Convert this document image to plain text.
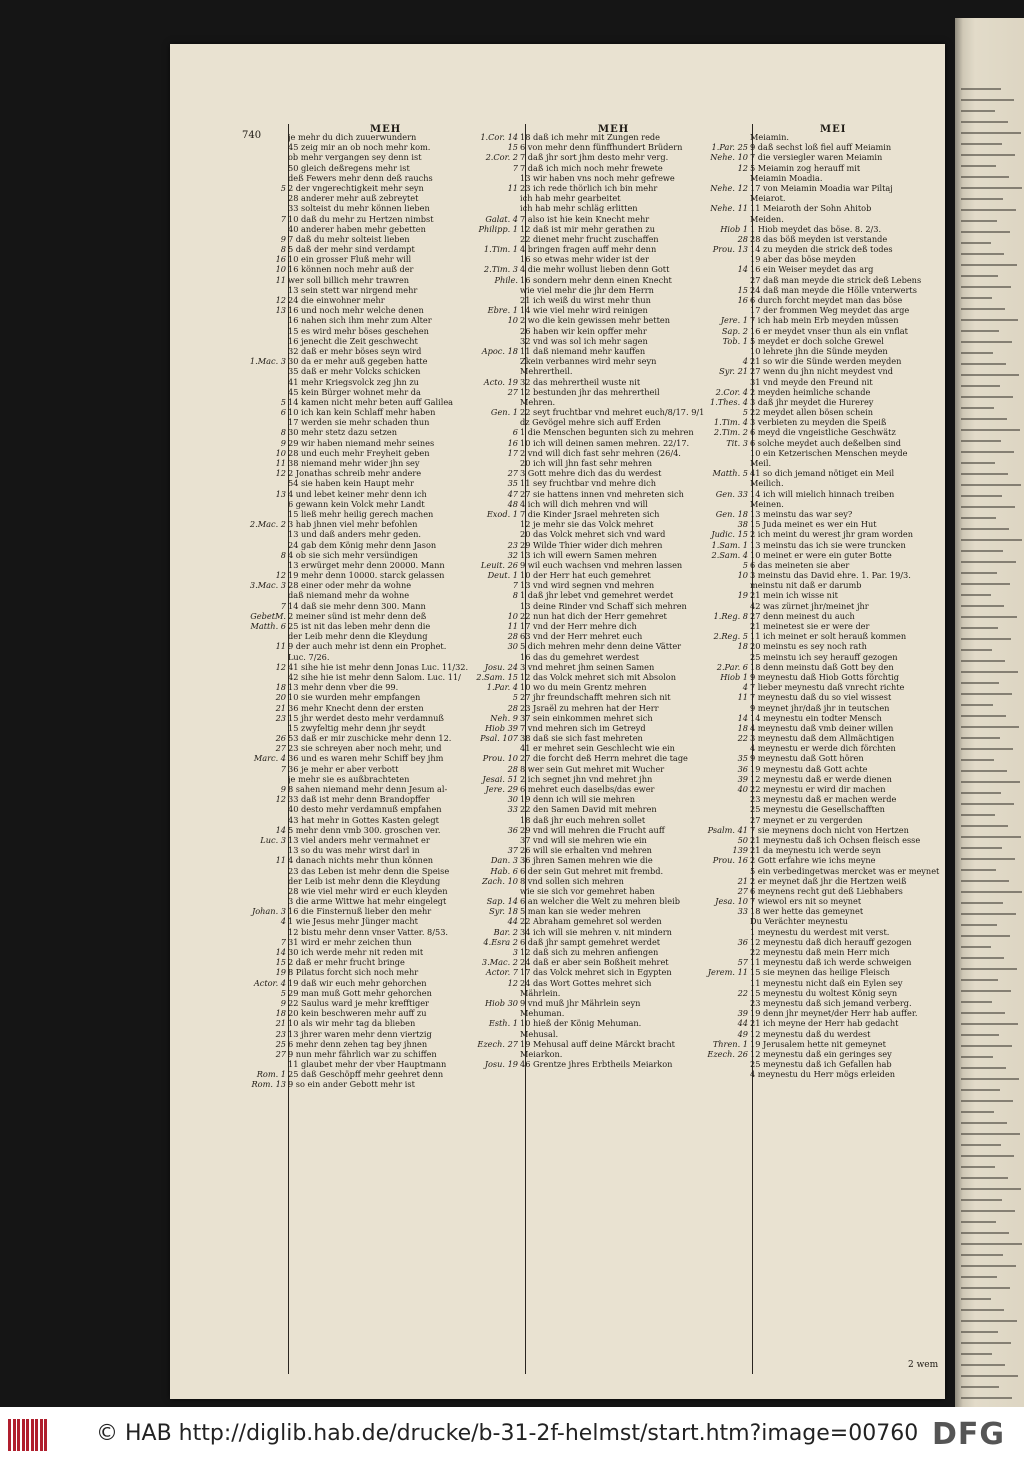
740
MEH	MEH	MEI
je mehr du dich zuuerwundern
45 zeig mir an ob noch mehr kom.
ob mehr vergangen sey denn ist
50 gleich deßregens mehr ist
deß Fewers mehr denn deß rauchs
5 2 der vngerechtigkeit mehr seyn
28 anderer mehr auß zebreytet
33 solteist du mehr können lieben
7 10 daß du mehr zu Hertzen nimbst
40 anderer haben mehr gebetten
9 7 daß du mehr solteist lieben
8 5 daß der mehr sind verdampt
16 10 ein grosser Fluß mehr will
10 16 können noch mehr auß der
11 wer soll billich mehr trawren
13 sein stett war nirgend mehr
12 24 die einwohner mehr
13 16 und noch mehr welche denen
16 nahen sich ihm mehr zum Alter
15 es wird mehr böses geschehen
16 jenecht die Zeit geschwecht
32 daß er mehr böses seyn wird
1.Mac. 3 30 da er mehr auß gegeben hatte
35 daß er mehr Volcks schicken
41 mehr Kriegsvolck zeg jhn zu
45 kein Bürger wohnet mehr da
5 14 kamen nicht mehr beten auff Galilea
6 10 ich kan kein Schlaff mehr haben
17 werden sie mehr schaden thun
8 30 mehr stetz dazu setzen
9 29 wir haben niemand mehr seines
10 28 und euch mehr Freyheit geben
11 38 niemand mehr wider jhn sey
12 2 Jonathas schreib mehr andere
54 sie haben kein Haupt mehr
13 4 und lebet keiner mehr denn ich
6 gewann kein Volck mehr Landt
15 ließ mehr heilig gerech machen
2.Mac. 2 3 hab jhnen viel mehr befohlen
13 und daß anders mehr geden.
24 gab dem König mehr denn Jason
8 4 ob sie sich mehr versündigen
13 erwürget mehr denn 20000. Mann
12 19 mehr denn 10000. starck gelassen
3.Mac. 3 28 einer oder mehr da wohne
daß niemand mehr da wohne
7 14 daß sie mehr denn 300. Mann
GebetM. 2 meiner sünd ist mehr denn deß
Matth. 6 25 ist nit das leben mehr denn die
der Leib mehr denn die Kleydung
11 9 der auch mehr ist denn ein Prophet.
Luc. 7/26.
12 41 sihe hie ist mehr denn Jonas Luc. 11/32.
42 sihe hie ist mehr denn Salom. Luc. 11/
18 13 mehr denn vber die 99.
20 10 sie wurden mehr empfangen
21 36 mehr Knecht denn der ersten
23 15 jhr werdet desto mehr verdamnuß
15 zwyfeltig mehr denn jhr seydt
26 53 daß er mir zuschicke mehr denn 12.
27 23 sie schreyen aber noch mehr, und
Marc. 4 36 und es waren mehr Schiff bey jhm
7 36 je mehr er aber verbott
je mehr sie es außbrachteten
9 8 sahen niemand mehr denn Jesum al-
12 33 daß ist mehr denn Brandopffer
40 desto mehr verdamnuß empfahen
43 hat mehr in Gottes Kasten gelegt
14 5 mehr denn vmb 300. groschen ver.
Luc. 3 13 viel anders mehr vermahnet er
13 so du was mehr wirst darl in
11 4 danach nichts mehr thun können
23 das Leben ist mehr denn die Speise
der Leib ist mehr denn die Kleydung
28 wie viel mehr wird er euch kleyden
3 die arme Wittwe hat mehr eingelegt
Johan. 3 16 die Finsternuß lieber den mehr
4 1 wie Jesus mehr Jünger macht
12 bistu mehr denn vnser Vatter. 8/53.
7 31 wird er mehr zeichen thun
14 30 ich werde mehr nit reden mit
15 2 daß er mehr frucht bringe
19 8 Pilatus forcht sich noch mehr
Actor. 4 19 daß wir euch mehr gehorchen
5 29 man muß Gott mehr gehorchen
9 22 Saulus ward je mehr krefftiger
18 20 kein beschweren mehr auff zu
21 10 als wir mehr tag da blieben
23 13 jhrer waren mehr denn viertzig
25 6 mehr denn zehen tag bey jhnen
27 9 nun mehr fährlich war zu schiffen
11 glaubet mehr der vber Hauptmann
Rom. 1 25 daß Geschöpff mehr geehret denn
Rom. 13 9 so ein ander Gebott mehr ist
1.Cor. 14 18 daß ich mehr mit Zungen rede
15 6 von mehr denn fünffhundert Brüdern
2.Cor. 2 7 daß jhr sort jhm desto mehr verg.
7 7 daß ich mich noch mehr frewete
13 wir haben vns noch mehr gefrewe
11 23 ich rede thörlich ich bin mehr
ich hab mehr gearbeitet
ich hab mehr schläg erlitten
Galat. 4 7 also ist hie kein Knecht mehr
Philipp. 1 12 daß ist mir mehr gerathen zu
22 dienet mehr frucht zuschaffen
1.Tim. 1 4 bringen fragen auff mehr denn
16 so etwas mehr wider ist der
2.Tim. 3 4 die mehr wollust lieben denn Gott
Phile. 16 sondern mehr denn einen Knecht
wie viel mehr die jhr dem Herrn
21 ich weiß du wirst mehr thun
Ebre. 1 14 wie viel mehr wird reinigen
10 2 wo die kein gewissen mehr betten
26 haben wir kein opffer mehr
32 vnd was sol ich mehr sagen
Apoc. 18 11 daß niemand mehr kauffen
Zkein verbannes wird mehr seyn
Mehrertheil.
Acto. 19 32 das mehrertheil wuste nit
27 12 bestunden jhr das mehrertheil
Mehren.
Gen. 1 22 seyt fruchtbar vnd mehret euch/8/17. 9/1
dz Gevögel mehre sich auff Erden
6 1 die Menschen begunten sich zu mehren
16 10 ich will deinen samen mehren. 22/17.
17 2 vnd will dich fast sehr mehren (26/4.
20 ich will jhn fast sehr mehren
27 3 Gott mehre dich das du werdest
35 11 sey fruchtbar vnd mehre dich
47 27 sie hattens innen vnd mehreten sich
48 4 ich will dich mehren vnd will
Exod. 1 7 die Kinder Jsrael mehreten sich
12 je mehr sie das Volck mehret
20 das Volck mehret sich vnd ward
23 29 Wilde Thier wider dich mehren
32 13 ich will ewern Samen mehren
Leuit. 26 9 wil euch wachsen vnd mehren lassen
Deut. 1 10 der Herr hat euch gemehret
7 13 vnd wird segnen vnd mehren
8 1 daß jhr lebet vnd gemehret werdet
13 deine Rinder vnd Schaff sich mehren
10 22 nun hat dich der Herr gemehret
11 17 vnd der Herr mehre dich
28 63 vnd der Herr mehret euch
30 5 dich mehren mehr denn deine Vätter
16 das du gemehret werdest
Josu. 24 3 vnd mehret jhm seinen Samen
2.Sam. 15 12 das Volck mehret sich mit Absolon
1.Par. 4 10 wo du mein Grentz mehren
5 27 jhr freundschafft mehren sich nit
28 23 Jsraël zu mehren hat der Herr
Neh. 9 37 sein einkommen mehret sich
Hiob 39 7 vnd mehren sich im Getreyd
Psal. 107 38 daß sie sich fast mehreten
41 er mehret sein Geschlecht wie ein
Prou. 10 27 die forcht deß Herrn mehret die tage
28 8 wer sein Gut mehret mit Wucher
Jesai. 51 2 ich segnet jhn vnd mehret jhn
Jere. 29 6 mehret euch daselbs/das ewer
30 19 denn ich will sie mehren
33 22 den Samen David mit mehren
18 daß jhr euch mehren sollet
36 29 vnd will mehren die Frucht auff
37 vnd will sie mehren wie ein
37 26 will sie erhalten vnd mehren
Dan. 3 36 jhren Samen mehren wie die
Hab. 6 6 der sein Gut mehret mit frembd.
Zach. 10 8 vnd sollen sich mehren
wie sie sich vor gemehret haben
Sap. 14 6 an welcher die Welt zu mehren bleib
Syr. 18 5 man kan sie weder mehren
44 22 Abraham gemehret sol werden
Bar. 2 34 ich will sie mehren v. nit mindern
4.Esra 2 6 daß jhr sampt gemehret werdet
3 12 daß sich zu mehren anfiengen
3.Mac. 2 24 daß er aber sein Boßheit mehret
Actor. 7 17 das Volck mehret sich in Egypten
12 24 das Wort Gottes mehret sich
Mährlein.
Hiob 30 9 vnd muß jhr Mährlein seyn
Mehuman.
Esth. 1 10 hieß der König Mehuman.
Mehusal.
Ezech. 27 19 Mehusal auff deine Märckt bracht
Meiarkon.
Josu. 19 46 Grentze jhres Erbtheils Meiarkon
Meiamin.
1.Par. 25 9 daß sechst loß fiel auff Meiamin
Nehe. 10 7 die versiegler waren Meiamin
12 5 Meiamin zog herauff mit
Meiamin Moadia.
Nehe. 12 17 von Meiamin Moadia war Piltaj
Meiarot.
Nehe. 11 11 Meiaroth der Sohn Ahitob
Meiden.
Hiob 1 1 Hiob meydet das böse. 8. 2/3.
28 28 das böß meyden ist verstande
Prou. 13 14 zu meyden die strick deß todes
19 aber das böse meyden
14 16 ein Weiser meydet das arg
27 daß man meyde die strick deß Lebens
15 24 daß man meyde die Hölle vnterwerts
16 6 durch forcht meydet man das böse
17 der frommen Weg meydet das arge
Jere. 1 7 ich hab mein Erb meyden müssen
Sap. 2 16 er meydet vnser thun als ein vnflat
Tob. 1 5 meydet er doch solche Grewel
10 lehrete jhn die Sünde meyden
4 21 so wir die Sünde werden meyden
Syr. 21 27 wenn du jhn nicht meydest vnd
31 vnd meyde den Freund nit
2.Cor. 4 2 meyden heimliche schande
1.Thes. 4 3 daß jhr meydet die Hurerey
5 22 meydet allen bösen schein
1.Tim. 4 3 verbieten zu meyden die Speiß
2.Tim. 2 6 meyd die vngeistliche Geschwätz
Tit. 3 6 solche meydet auch deßelben sind
10 ein Ketzerischen Menschen meyde
Meil.
Matth. 5 41 so dich jemand nötiget ein Meil
Meilich.
Gen. 33 14 ich will mielich hinnach treiben
Meinen.
Gen. 18 13 meinstu das war sey?
38 15 Juda meinet es wer ein Hut
Judic. 15 2 ich meint du werest jhr gram worden
1.Sam. 1 13 meinstu das ich sie were truncken
2.Sam. 4 10 meinet er were ein guter Botte
5 6 das meineten sie aber
10 3 meinstu das David ehre. 1. Par. 19/3.
meinstu nit daß er darumb
19 21 mein ich wisse nit
42 was zürnet jhr/meinet jhr
1.Reg. 8 27 denn meinest du auch
21 meinetest sie er were der
2.Reg. 5 11 ich meinet er solt herauß kommen
18 20 meinstu es sey noch rath
25 meinstu ich sey herauff gezogen
2.Par. 6 18 denn meinstu daß Gott bey den
Hiob 1 9 meynestu daß Hiob Gotts förchtig
4 7 lieber meynestu daß vnrecht richte
11 7 meynestu daß du so viel wissest
9 meynet jhr/daß jhr in teutschen
14 14 meynestu ein todter Mensch
18 4 meynestu daß vmb deiner willen
22 3 meynestu daß dem Allmächtigen
4 meynestu er werde dich förchten
35 9 meynestu daß Gott hören
36 19 meynestu daß Gott achte
39 12 meynestu daß er werde dienen
40 22 meynestu er wird dir machen
23 meynestu daß er machen werde
25 meynestu die Gesellschafften
27 meynet er zu vergerden
Psalm. 41 7 sie meynens doch nicht von Hertzen
50 21 meynestu daß ich Ochsen fleisch esse
139 21 da meynestu ich werde seyn
Prou. 16 2 Gott erfahre wie ichs meyne
5 ein verbedingetwas mercket was er meynet
21 2 er meynet daß jhr die Hertzen weiß
27 6 meynens recht gut deß Liebhabers
Jesa. 10 7 wiewol ers nit so meynet
33 18 wer hette das gemeynet
Du Verächter meynestu
1 meynestu du werdest mit verst.
36 12 meynestu daß dich herauff gezogen
22 meynestu daß mein Herr mich
57 11 meynestu daß ich werde schweigen
Jerem. 11 15 sie meynen das heilige Fleisch
11 meynestu nicht daß ein Eylen sey
22 15 meynestu du woltest König seyn
23 meynestu daß sich jemand verberg.
39 19 denn jhr meynet/der Herr hab auffer.
44 21 ich meyne der Herr hab gedacht
49 12 meynestu daß du werdest
Thren. 1 19 Jerusalem hette nit gemeynet
Ezech. 26 12 meynestu daß ein geringes sey
25 meynestu daß ich Gefallen hab
4 meynestu du Herr mögs erleiden
2 wem
© HAB http://diglib.hab.de/drucke/b-31-2f-helmst/start.htm?image=00760 DFG
